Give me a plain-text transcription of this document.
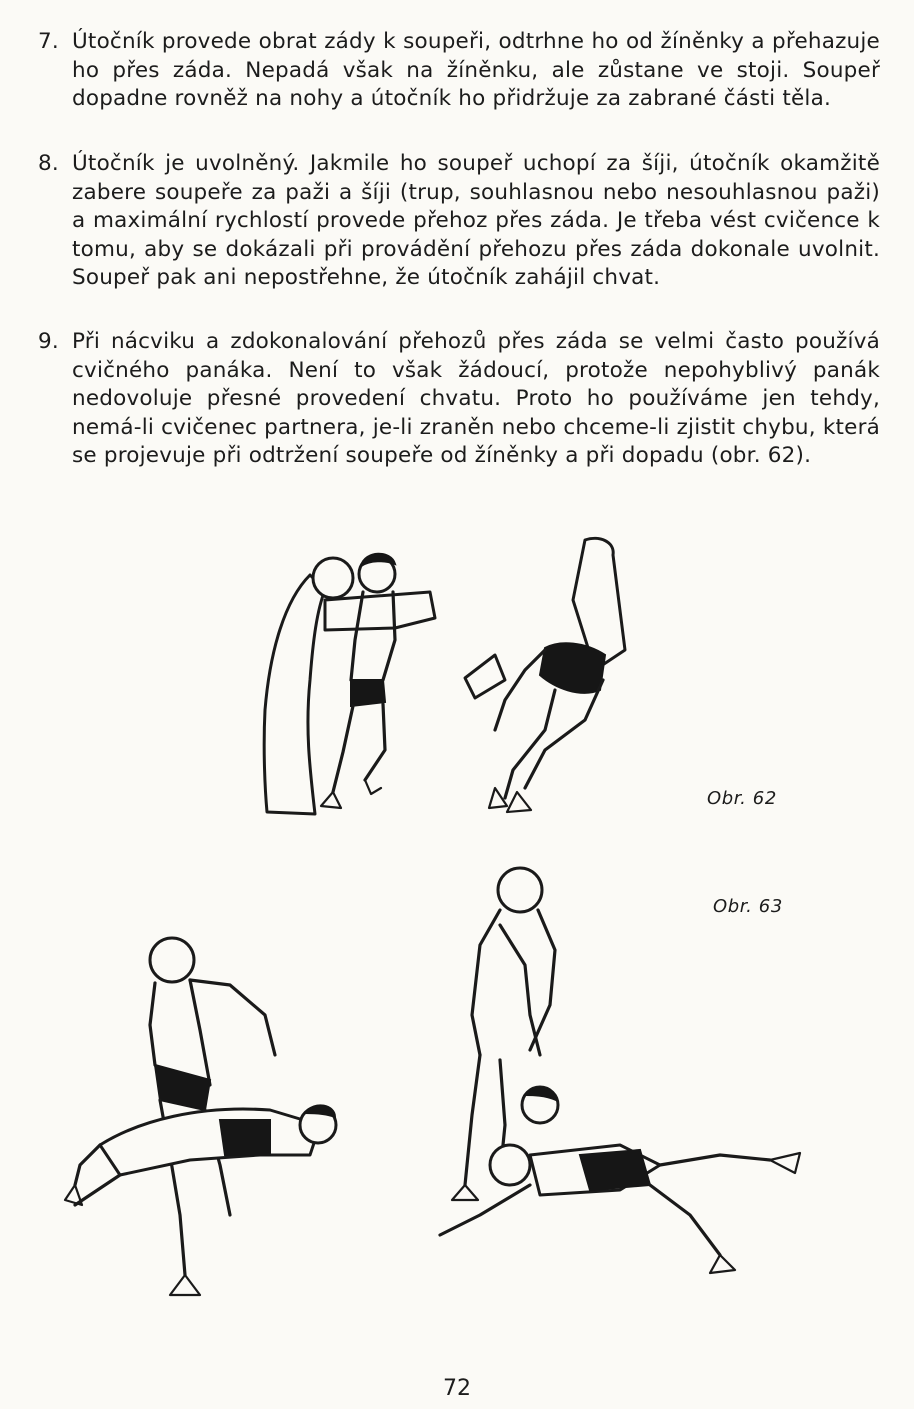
7. Útočník provede obrat zády k soupeři, odtrhne ho od žíněnky a přehazuje ho přes záda. Nepadá však na žíněnku, ale zůstane ve stoji. Soupeř dopadne rovněž na nohy a útočník ho přidržuje za zabrané části těla.
8. Útočník je uvolněný. Jakmile ho soupeř uchopí za šíji, útočník okamžitě zabere soupeře za paži a šíji (trup, souhlasnou nebo nesouhlasnou paži) a maximální rychlostí provede přehoz přes záda. Je třeba vést cvičence k tomu, aby se dokázali při provádění přehozu přes záda dokonale uvolnit. Soupeř pak ani nepostřehne, že útočník zahájil chvat.
9. Při nácviku a zdokonalování přehozů přes záda se velmi často používá cvičného panáka. Není to však žádoucí, protože nepohyblivý panák nedovoluje přesné provedení chvatu. Proto ho používáme jen tehdy, nemá-li cvičenec partnera, je-li zraněn nebo chceme-li zjistit chybu, která se projevuje při odtržení soupeře od žíněnky a při dopadu (obr. 62).
Obr. 62
Obr. 63
72
